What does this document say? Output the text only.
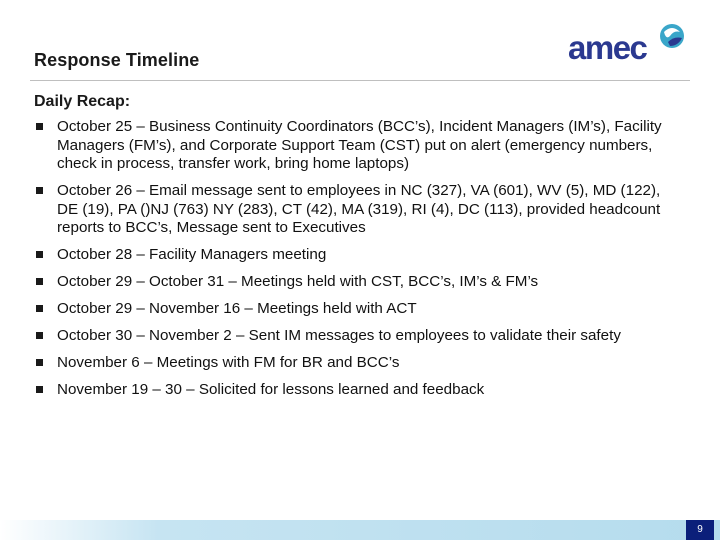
Response Timeline	amec
Daily Recap:
October 25 – Business Continuity Coordinators (BCC’s), Incident Managers (IM’s), Facility Managers (FM’s), and Corporate Support Team (CST) put on alert (emergency numbers, check in process, transfer work, bring home laptops)
October 26 – Email message sent to employees in NC (327), VA (601), WV (5), MD (122), DE (19), PA ()NJ (763) NY (283), CT (42), MA (319), RI (4), DC (113), provided headcount reports to BCC’s, Message sent to Executives
October 28 – Facility Managers meeting
October 29 – October 31 – Meetings held with CST, BCC’s, IM’s & FM’s
October 29 – November 16 – Meetings held with ACT
October 30 – November 2 – Sent IM messages to employees to validate their safety
November 6 – Meetings with FM for BR and BCC’s
November 19 – 30 – Solicited for lessons learned and feedback
9
